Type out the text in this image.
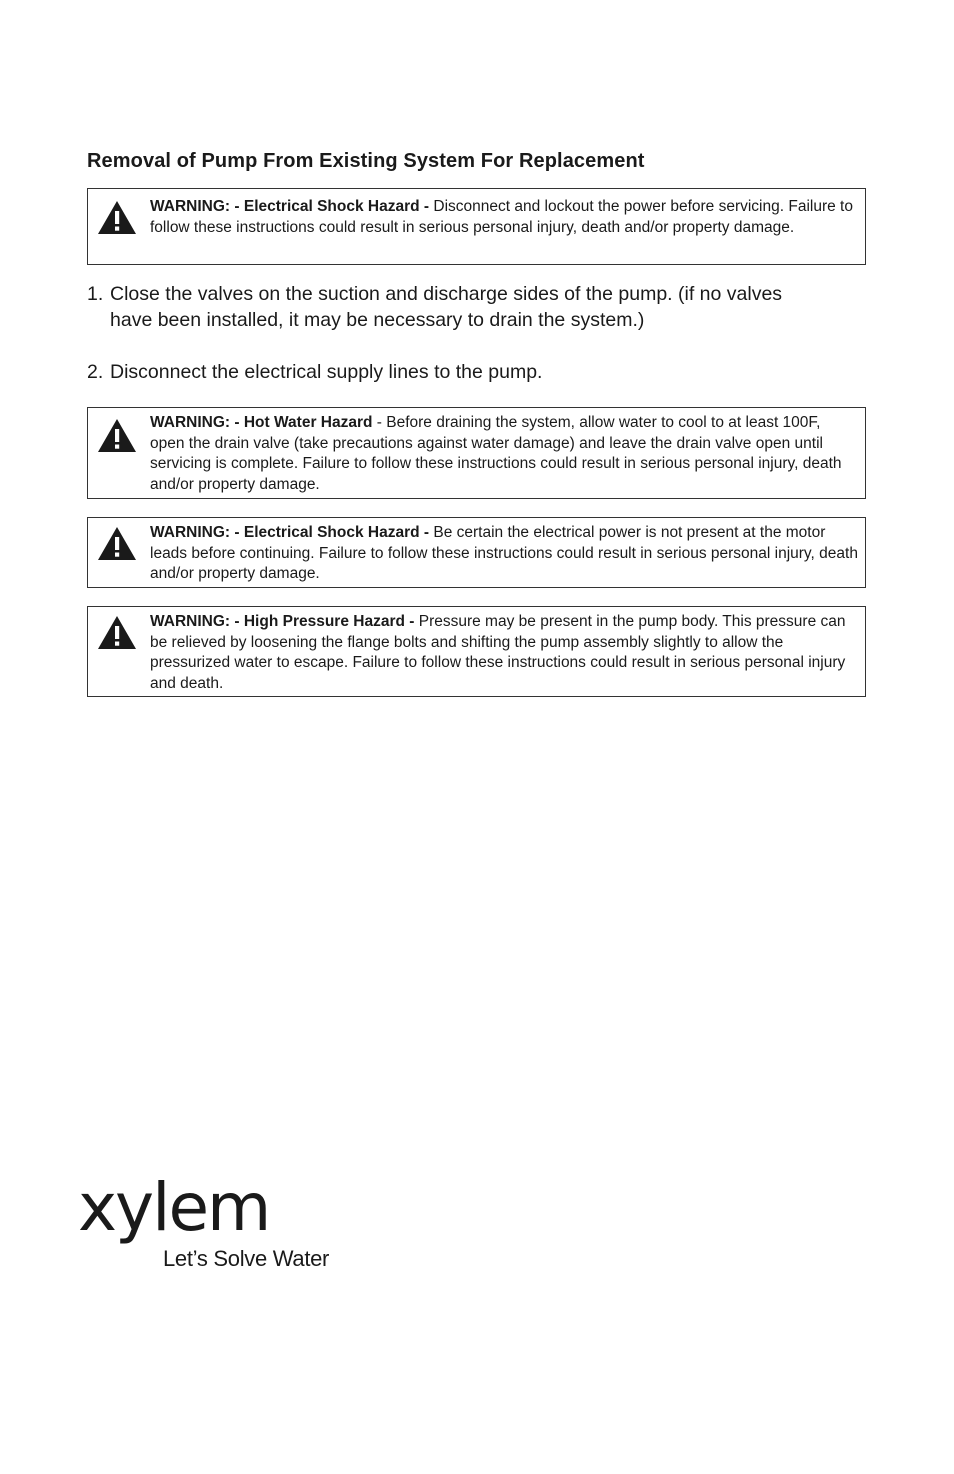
Removal of Pump From Existing System For Replacement
WARNING: - Electrical Shock Hazard - Disconnect and lockout the power before servicing. Failure to follow these instructions could result in serious personal injury, death and/or property damage.
1. Close the valves on the suction and discharge sides of the pump. (if no valves
have been installed, it may be necessary to drain the system.)
2. Disconnect the electrical supply lines to the pump.
WARNING: - Hot Water Hazard - Before draining the system, allow water to cool to at least 100F, open the drain valve (take precautions against water damage) and leave the drain valve open until servicing is complete. Failure to follow these instructions could result in serious personal injury, death and/or property damage.
WARNING: - Electrical Shock Hazard - Be certain the electrical power is not present at the motor leads before continuing. Failure to follow these instructions could result in serious personal injury, death and/or property damage.
WARNING: - High Pressure Hazard - Pressure may be present in the pump body. This pressure can be relieved by loosening the flange bolts and shifting the pump assembly slightly to allow the pressurized water to escape. Failure to follow these instructions could result in serious personal injury and death.
xylem
Let’s Solve Water
